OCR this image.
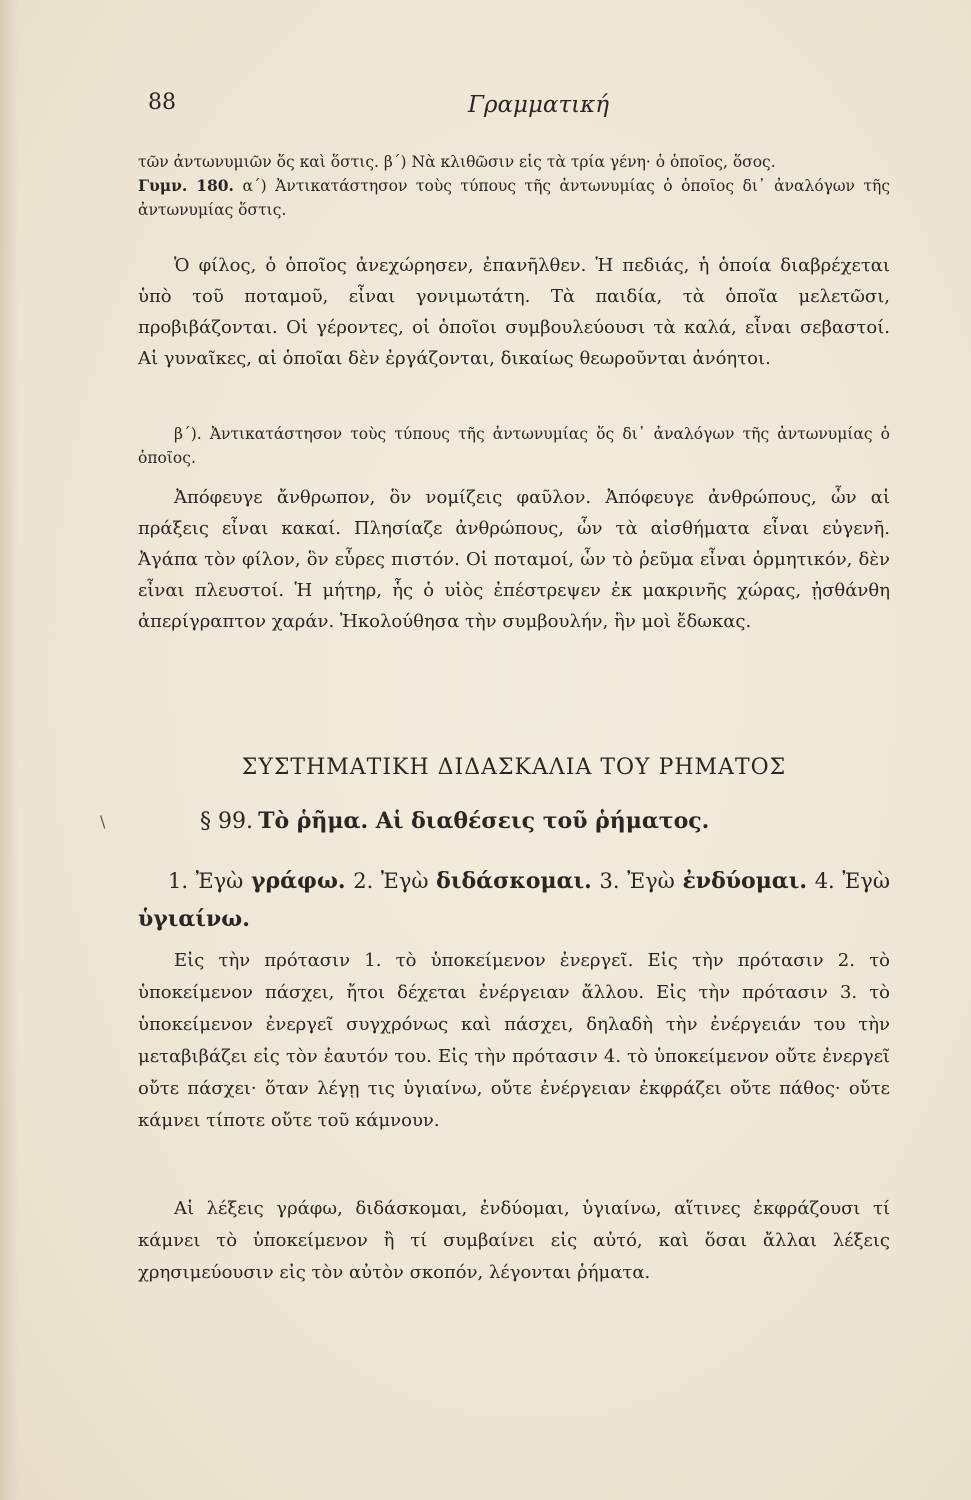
88	Γραμματική

τῶν ἀντωνυμιῶν ὅς καὶ ὅστις. β΄) Νὰ κλιθῶσιν εἰς τὰ τρία γένη· ὁ ὁποῖος, ὅσος.

Γυμν. 180. α΄) Ἀντικατάστησον τοὺς τύπους τῆς ἀντωνυμίας ὁ ὁποῖος δι᾽ ἀναλόγων τῆς ἀντωνυμίας ὅστις.

Ὁ φίλος, ὁ ὁποῖος ἀνεχώρησεν, ἐπανῆλθεν. Ἡ πεδιάς, ἡ ὁποία διαβρέχεται ὑπὸ τοῦ ποταμοῦ, εἶναι γονιμωτάτη. Τὰ παιδία, τὰ ὁποῖα μελετῶσι, προβιβάζονται. Οἱ γέροντες, οἱ ὁποῖοι συμβουλεύουσι τὰ καλά, εἶναι σεβαστοί. Αἱ γυναῖκες, αἱ ὁποῖαι δὲν ἐργάζονται, δικαίως θεωροῦνται ἀνόητοι.

β΄). Ἀντικατάστησον τοὺς τύπους τῆς ἀντωνυμίας ὅς δι᾽ ἀναλόγων τῆς ἀντωνυμίας ὁ ὁποῖος.

Ἀπόφευγε ἄνθρωπον, ὃν νομίζεις φαῦλον. Ἀπόφευγε ἀνθρώπους, ὧν αἱ πράξεις εἶναι κακαί. Πλησίαζε ἀνθρώπους, ὧν τὰ αἰσθήματα εἶναι εὐγενῆ. Ἀγάπα τὸν φίλον, ὃν εὗρες πιστόν. Οἱ ποταμοί, ὧν τὸ ῥεῦμα εἶναι ὁρμητικόν, δὲν εἶναι πλευστοί. Ἡ μήτηρ, ἧς ὁ υἱὸς ἐπέστρεψεν ἐκ μακρινῆς χώρας, ᾐσθάνθη ἀπερίγραπτον χαράν. Ἠκολούθησα τὴν συμβουλήν, ἣν μοὶ ἔδωκας.

ΣΥΣΤΗΜΑΤΙΚΗ ΔΙΔΑΣΚΑΛΙΑ ΤΟΥ ΡΗΜΑΤΟΣ

\	§ 99. Τὸ ῥῆμα. Αἱ διαθέσεις τοῦ ῥήματος.

1. Ἐγὼ γράφω. 2. Ἐγὼ διδάσκομαι. 3. Ἐγὼ ἐνδύομαι. 4. Ἐγὼ ὑγιαίνω.

Εἰς τὴν πρότασιν 1. τὸ ὑποκείμενον ἐνεργεῖ. Εἰς τὴν πρότασιν 2. τὸ ὑποκείμενον πάσχει, ἤτοι δέχεται ἐνέργειαν ἄλλου. Εἰς τὴν πρότασιν 3. τὸ ὑποκείμενον ἐνεργεῖ συγχρόνως καὶ πάσχει, δηλαδὴ τὴν ἐνέργειάν του τὴν μεταβιβάζει εἰς τὸν ἑαυτόν του. Εἰς τὴν πρότασιν 4. τὸ ὑποκείμενον οὔτε ἐνεργεῖ οὔτε πάσχει· ὅταν λέγῃ τις ὑγιαίνω, οὔτε ἐνέργειαν ἐκφράζει οὔτε πάθος· οὔτε κάμνει τίποτε οὔτε τοῦ κάμνουν.

Αἱ λέξεις γράφω, διδάσκομαι, ἐνδύομαι, ὑγιαίνω, αἵτινες ἐκφράζουσι τί κάμνει τὸ ὑποκείμενον ἢ τί συμβαίνει εἰς αὐτό, καὶ ὅσαι ἄλλαι λέξεις χρησιμεύουσιν εἰς τὸν αὐτὸν σκοπόν, λέγονται ῥήματα.
